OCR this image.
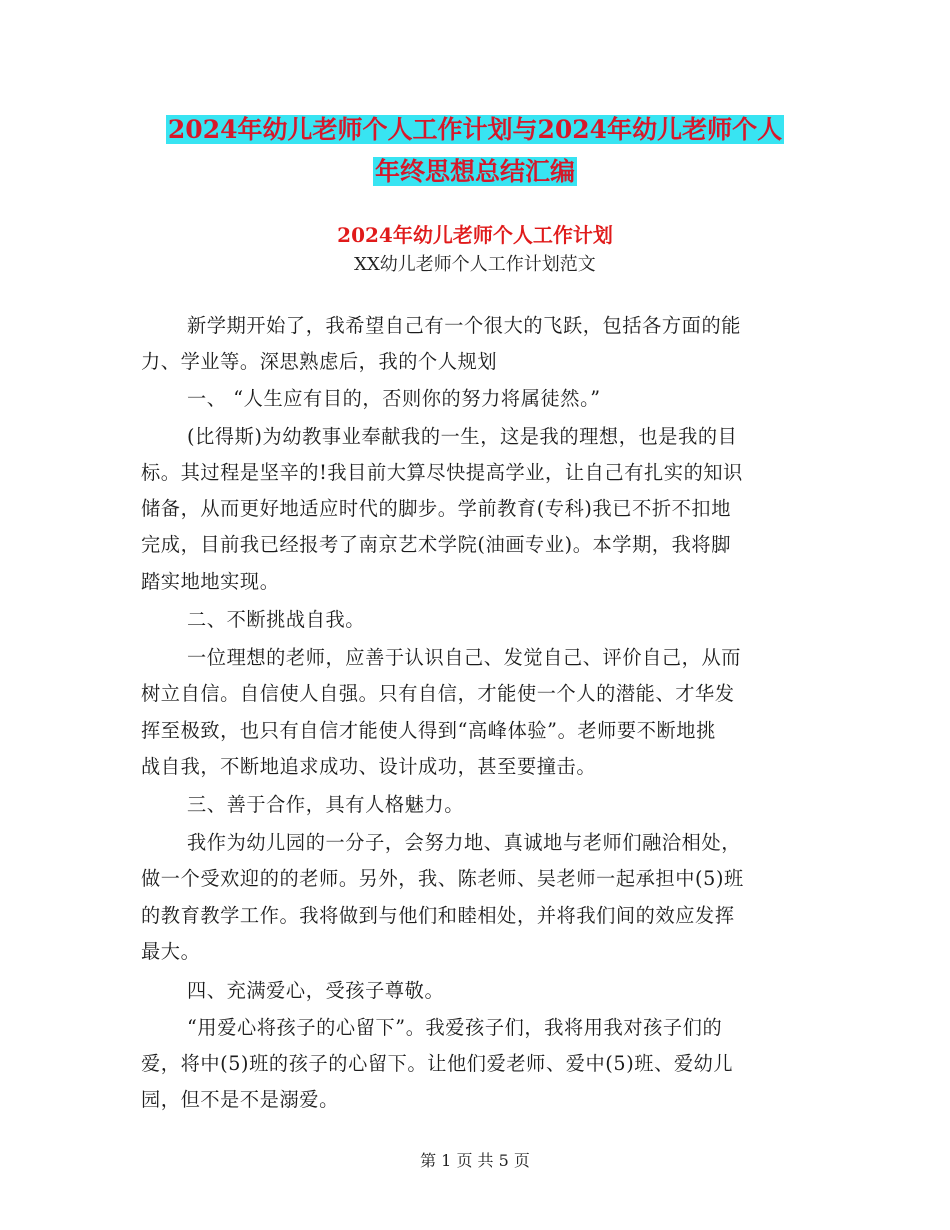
2024年幼儿老师个人工作计划与2024年幼儿老师个人
年终思想总结汇编
2024年幼儿老师个人工作计划
XX幼儿老师个人工作计划范文
新学期开始了，我希望自己有一个很大的飞跃，包括各方面的能
力、学业等。深思熟虑后，我的个人规划
一、 “人生应有目的，否则你的努力将属徒然。”
(比得斯)为幼教事业奉献我的一生，这是我的理想，也是我的目
标。其过程是坚辛的!我目前大算尽快提高学业，让自己有扎实的知识
储备，从而更好地适应时代的脚步。学前教育(专科)我已不折不扣地
完成，目前我已经报考了南京艺术学院(油画专业)。本学期，我将脚
踏实地地实现。
二、不断挑战自我。
一位理想的老师，应善于认识自己、发觉自己、评价自己，从而
树立自信。自信使人自强。只有自信，才能使一个人的潜能、才华发
挥至极致，也只有自信才能使人得到“高峰体验”。老师要不断地挑
战自我，不断地追求成功、设计成功，甚至要撞击。
三、善于合作，具有人格魅力。
我作为幼儿园的一分子，会努力地、真诚地与老师们融洽相处，
做一个受欢迎的的老师。另外，我、陈老师、吴老师一起承担中(5)班
的教育教学工作。我将做到与他们和睦相处，并将我们间的效应发挥
最大。
四、充满爱心，受孩子尊敬。
“用爱心将孩子的心留下”。我爱孩子们，我将用我对孩子们的
爱，将中(5)班的孩子的心留下。让他们爱老师、爱中(5)班、爱幼儿
园，但不是不是溺爱。
第 1 页 共 5 页
